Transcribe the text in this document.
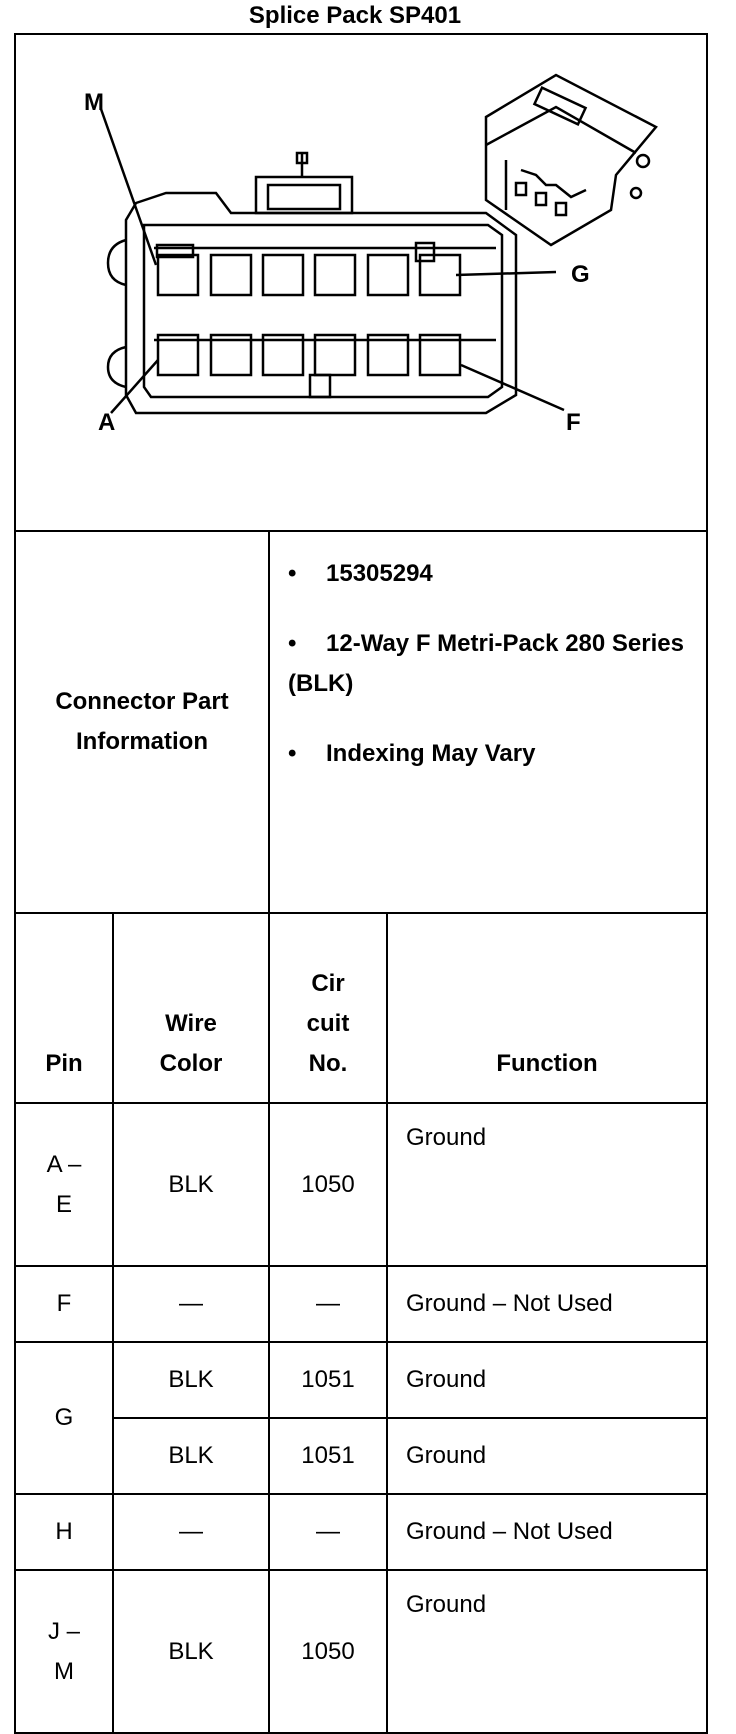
Splice Pack SP401
M
G
A F			

Connector Part Information		• 15305294
• 12-Way F Metri-Pack 280 Series (BLK)
• Indexing May Vary	

Pin	Wire Color	Cir cuit No.	Function
A –E	BLK	1050	Ground
F	—	—	Ground – Not Used
G	BLK	1051	Ground
	BLK	1051	Ground
H	—	—	Ground – Not Used
J –M	BLK	1050	Ground
